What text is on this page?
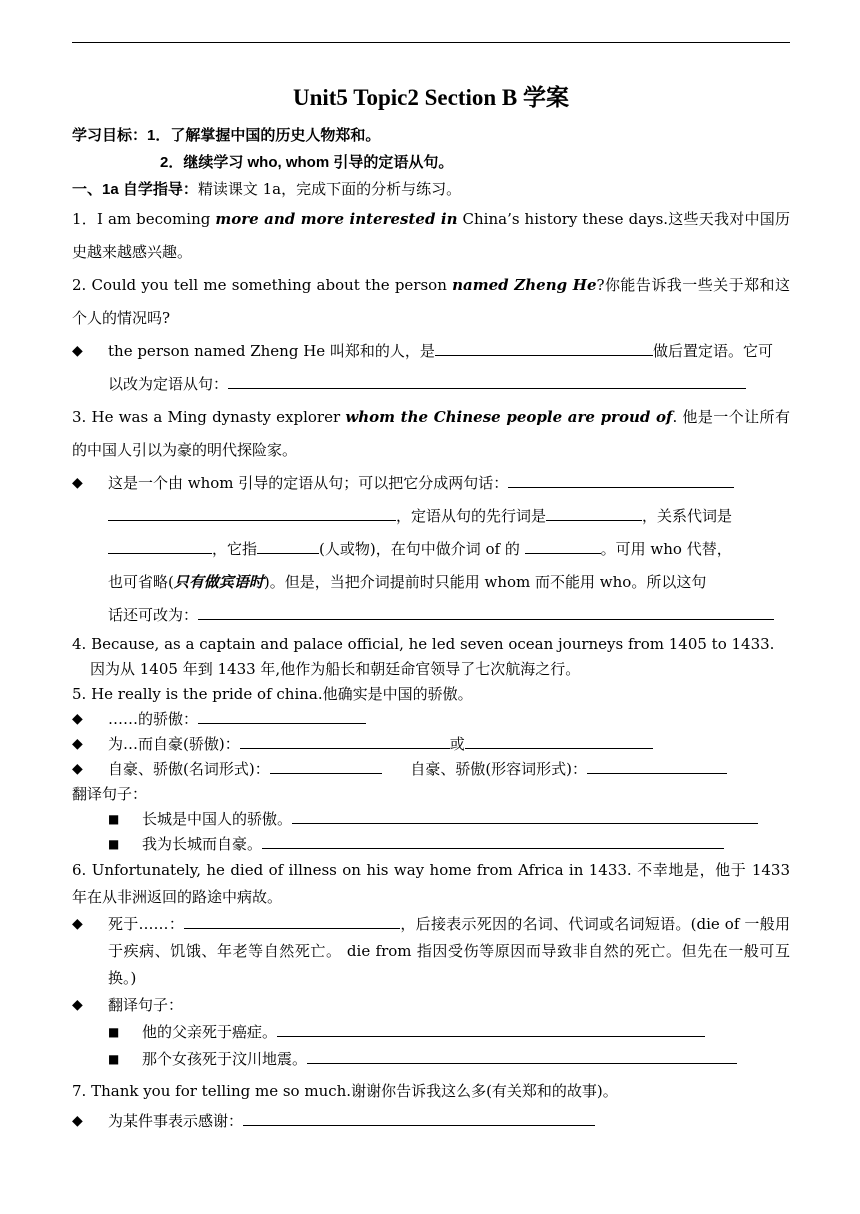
Unit5 Topic2 Section B 学案
学习目标：1．了解掌握中国的历史人物郑和。
2．继续学习 who, whom 引导的定语从句。
一、1a 自学指导：精读课文 1a，完成下面的分析与练习。
1．I am becoming more and more interested in China’s history these days.这些天我对中国历史越来越感兴趣。
2. Could you tell me something about the person named Zheng He?你能告诉我一些关于郑和这个人的情况吗?
◆ the person named Zheng He 叫郑和的人，是	做后置定语。它可
以改为定语从句：
3. He was a Ming dynasty explorer whom the Chinese people are proud of. 他是一个让所有的中国人引以为豪的明代探险家。
◆ 这是一个由 whom 引导的定语从句；可以把它分成两句话：
，定语从句的先行词是	，关系代词是
，它指	(人或物)，在句中做介词 of 的	。可用 who 代替，
也可省略(只有做宾语时)。但是，当把介词提前时只能用 whom 而不能用 who。所以这句
话还可改为：
4. Because, as a captain and palace official, he led seven ocean journeys from 1405 to 1433.
因为从 1405 年到 1433 年,他作为船长和朝廷命官领导了七次航海之行。
5. He really is the pride of china.他确实是中国的骄傲。
◆ ……的骄傲：
◆ 为…而自豪(骄傲)：	或
◆ 自豪、骄傲(名词形式)：	自豪、骄傲(形容词形式)：
翻译句子：
■ 长城是中国人的骄傲。
■ 我为长城而自豪。
6. Unfortunately, he died of illness on his way home from Africa in 1433. 不幸地是，他于 1433 年在从非洲返回的路途中病故。
◆ 死于……：	，后接表示死因的名词、代词或名词短语。(die of 一般用于疾病、饥饿、年老等自然死亡。 die from 指因受伤等原因而导致非自然的死亡。但先在一般可互换。)
◆ 翻译句子：
■ 他的父亲死于癌症。
■ 那个女孩死于汶川地震。
7. Thank you for telling me so much.谢谢你告诉我这么多(有关郑和的故事)。
◆ 为某件事表示感谢：
